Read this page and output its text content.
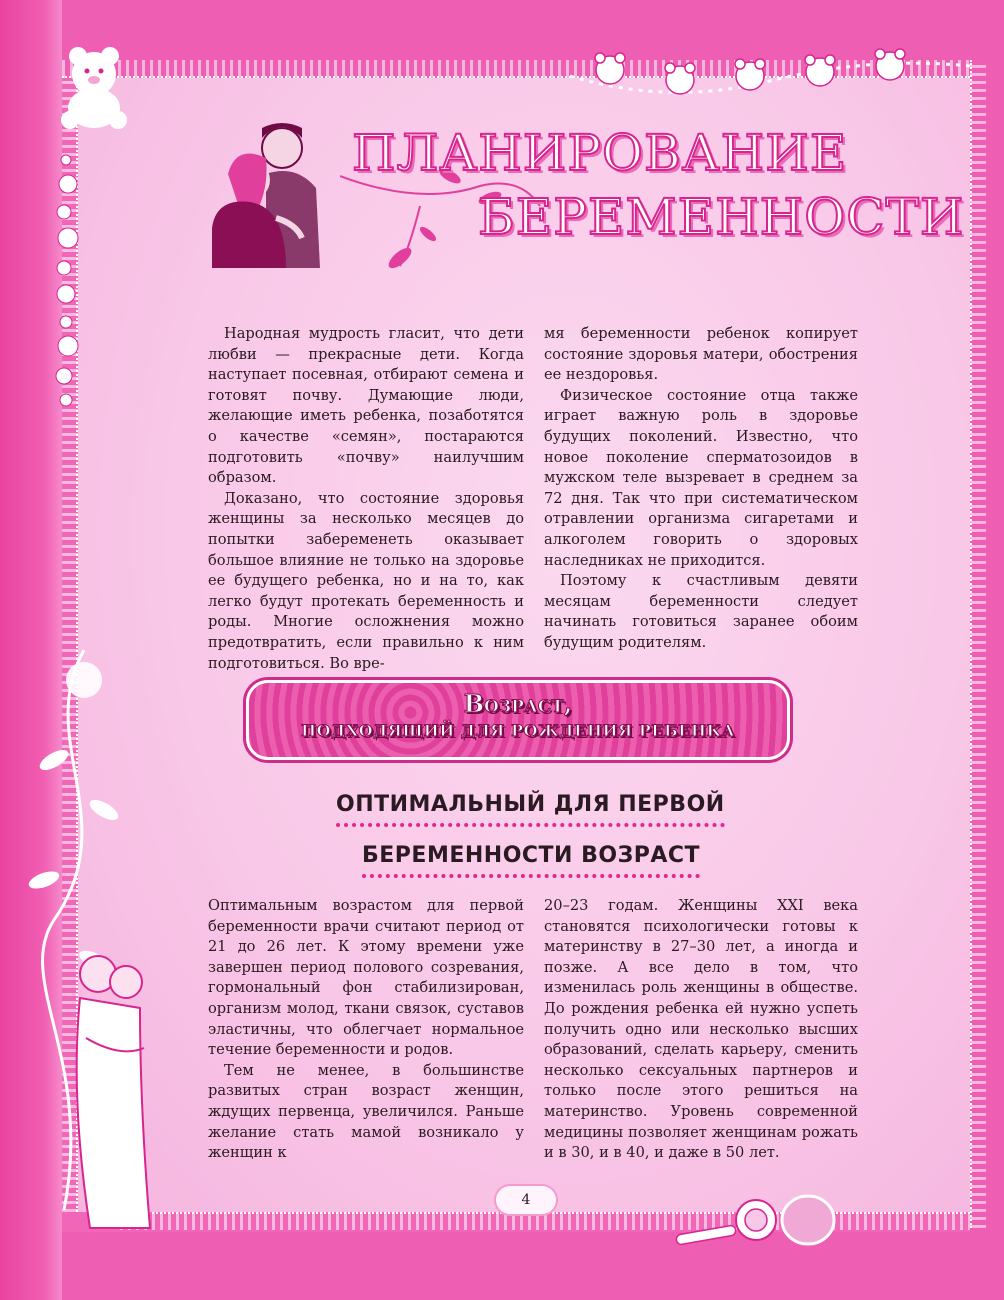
ПЛАНИРОВАНИЕ
БЕРЕМЕННОСТИ

Народная мудрость гласит, что дети любви — прекрасные дети. Когда наступает посевная, отбирают семена и готовят почву. Думающие люди, желающие иметь ребенка, позаботятся о качестве «семян», постараются подготовить «почву» наилучшим образом.

Доказано, что состояние здоровья женщины за несколько месяцев до попытки забеременеть оказывает большое влияние не только на здоровье ее будущего ребенка, но и на то, как легко будут протекать беременность и роды. Многие осложнения можно предотвратить, если правильно к ним подготовиться. Во вре-

мя беременности ребенок копирует состояние здоровья матери, обострения ее нездоровья.

Физическое состояние отца также играет важную роль в здоровье будущих поколений. Известно, что новое поколение сперматозоидов в мужском теле вызревает в среднем за 72 дня. Так что при систематическом отравлении организма сигаретами и алкоголем говорить о здоровых наследниках не приходится.

Поэтому к счастливым девяти месяцам беременности следует начинать готовиться заранее обоим будущим родителям.

Возраст,
ПОДХОДЯЩИЙ ДЛЯ РОЖДЕНИЯ РЕБЕНКА
ОПТИМАЛЬНЫЙ ДЛЯ ПЕРВОЙ
БЕРЕМЕННОСТИ ВОЗРАСТ

Оптимальным возрастом для первой беременности врачи считают период от 21 до 26 лет. К этому времени уже завершен период полового созревания, гормональный фон стабилизирован, организм молод, ткани связок, суставов эластичны, что облегчает нормальное течение беременности и родов.

Тем не менее, в большинстве развитых стран возраст женщин, ждущих первенца, увеличился. Раньше желание стать мамой возникало у женщин к

20–23 годам. Женщины XXI века становятся психологически готовы к материнству в 27–30 лет, а иногда и позже. А все дело в том, что изменилась роль женщины в обществе. До рождения ребенка ей нужно успеть получить одно или несколько высших образований, сделать карьеру, сменить несколько сексуальных партнеров и только после этого решиться на материнство. Уровень современной медицины позволяет женщинам рожать и в 30, и в 40, и даже в 50 лет.

4
